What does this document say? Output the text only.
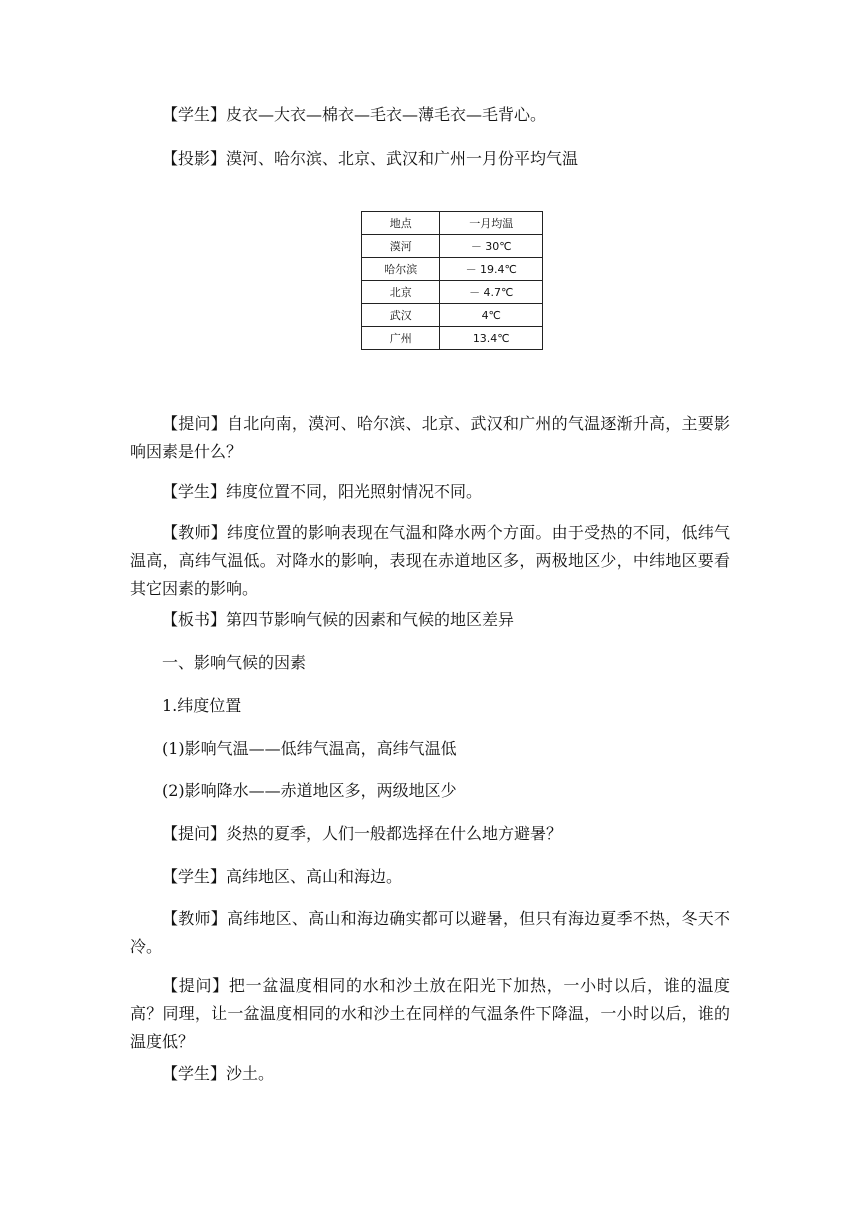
【学生】皮衣—大衣—棉衣—毛衣—薄毛衣—毛背心。

【投影】漠河、哈尔滨、北京、武汉和广州一月份平均气温

地点	一月均温
漠河	－ 30℃
哈尔滨	－ 19.4℃
北京	－ 4.7℃
武汉	4℃
广州	13.4℃

【提问】自北向南，漠河、哈尔滨、北京、武汉和广州的气温逐渐升高，主要影响因素是什么？

【学生】纬度位置不同，阳光照射情况不同。

【教师】纬度位置的影响表现在气温和降水两个方面。由于受热的不同，低纬气温高，高纬气温低。对降水的影响，表现在赤道地区多，两极地区少，中纬地区要看其它因素的影响。

【板书】第四节影响气候的因素和气候的地区差异

一、影响气候的因素

1.纬度位置

(1)影响气温——低纬气温高，高纬气温低

(2)影响降水——赤道地区多，两级地区少

【提问】炎热的夏季，人们一般都选择在什么地方避暑？

【学生】高纬地区、高山和海边。

【教师】高纬地区、高山和海边确实都可以避暑，但只有海边夏季不热，冬天不冷。

【提问】把一盆温度相同的水和沙土放在阳光下加热，一小时以后，谁的温度高？同理，让一盆温度相同的水和沙土在同样的气温条件下降温，一小时以后，谁的温度低？

【学生】沙土。
